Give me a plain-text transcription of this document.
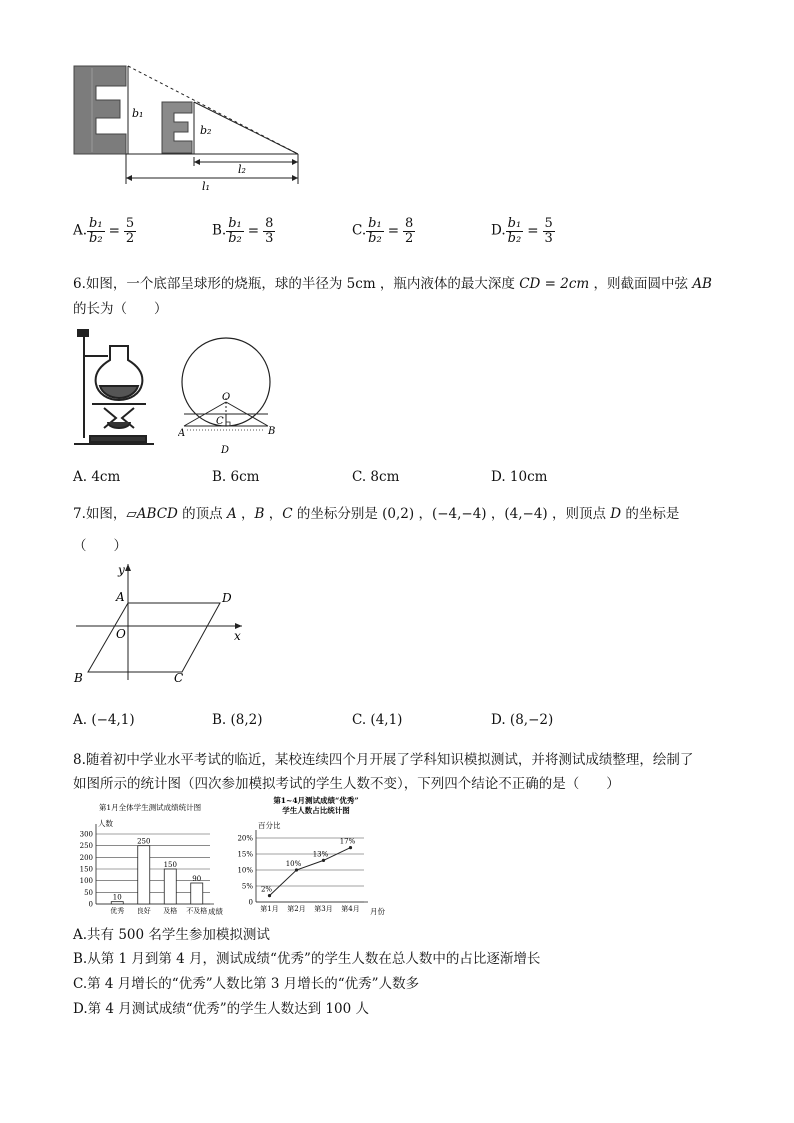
b₁
b₂
l₂
l₁
A. $\frac{\text{b₁}}{\text{b₂}} = \frac{5}{2}$	B. $\frac{\text{b₁}}{\text{b₂}} = \frac{8}{3}$	C. $\frac{\text{b₁}}{\text{b₂}} = \frac{8}{2}$	D. $\frac{\text{b₁}}{\text{b₂}} = \frac{5}{3}$
6.如图，一个底部呈球形的烧瓶，球的半径为 5cm ，瓶内液体的最大深度 CD = 2cm ，则截面圆中弦 AB
的长为（　　）
O
C
A	B
D
A. 4cm	B. 6cm	C. 8cm	D. 10cm
7.如图，▱ABCD 的顶点 A ，B ，C 的坐标分别是 (0,2) ，(−4,−4) ，(4,−4) ，则顶点 D 的坐标是
（　　）
y
x
A	D
O
B	C
A. (−4,1)	B. (8,2)	C. (4,1)	D. (8,−2)
8.随着初中学业水平考试的临近，某校连续四个月开展了学科知识模拟测试，并将测试成绩整理，绘制了
如图所示的统计图（四次参加模拟考试的学生人数不变），下列四个结论不正确的是（　　）
第1月全体学生测试成绩统计图
人数
成绩
0
50
100
150
200
250
300
10
优秀
250
良好
150
及格
90
不及格
第1~4月测试成绩“优秀”
学生人数占比统计图
百分比
月份
0
5%
10%
15%
20%
2%
第1月
10%
第2月
13%
第3月
17%
第4月
A.共有 500 名学生参加模拟测试
B.从第 1 月到第 4 月，测试成绩“优秀”的学生人数在总人数中的占比逐渐增长
C.第 4 月增长的“优秀”人数比第 3 月增长的“优秀”人数多
D.第 4 月测试成绩“优秀”的学生人数达到 100 人
